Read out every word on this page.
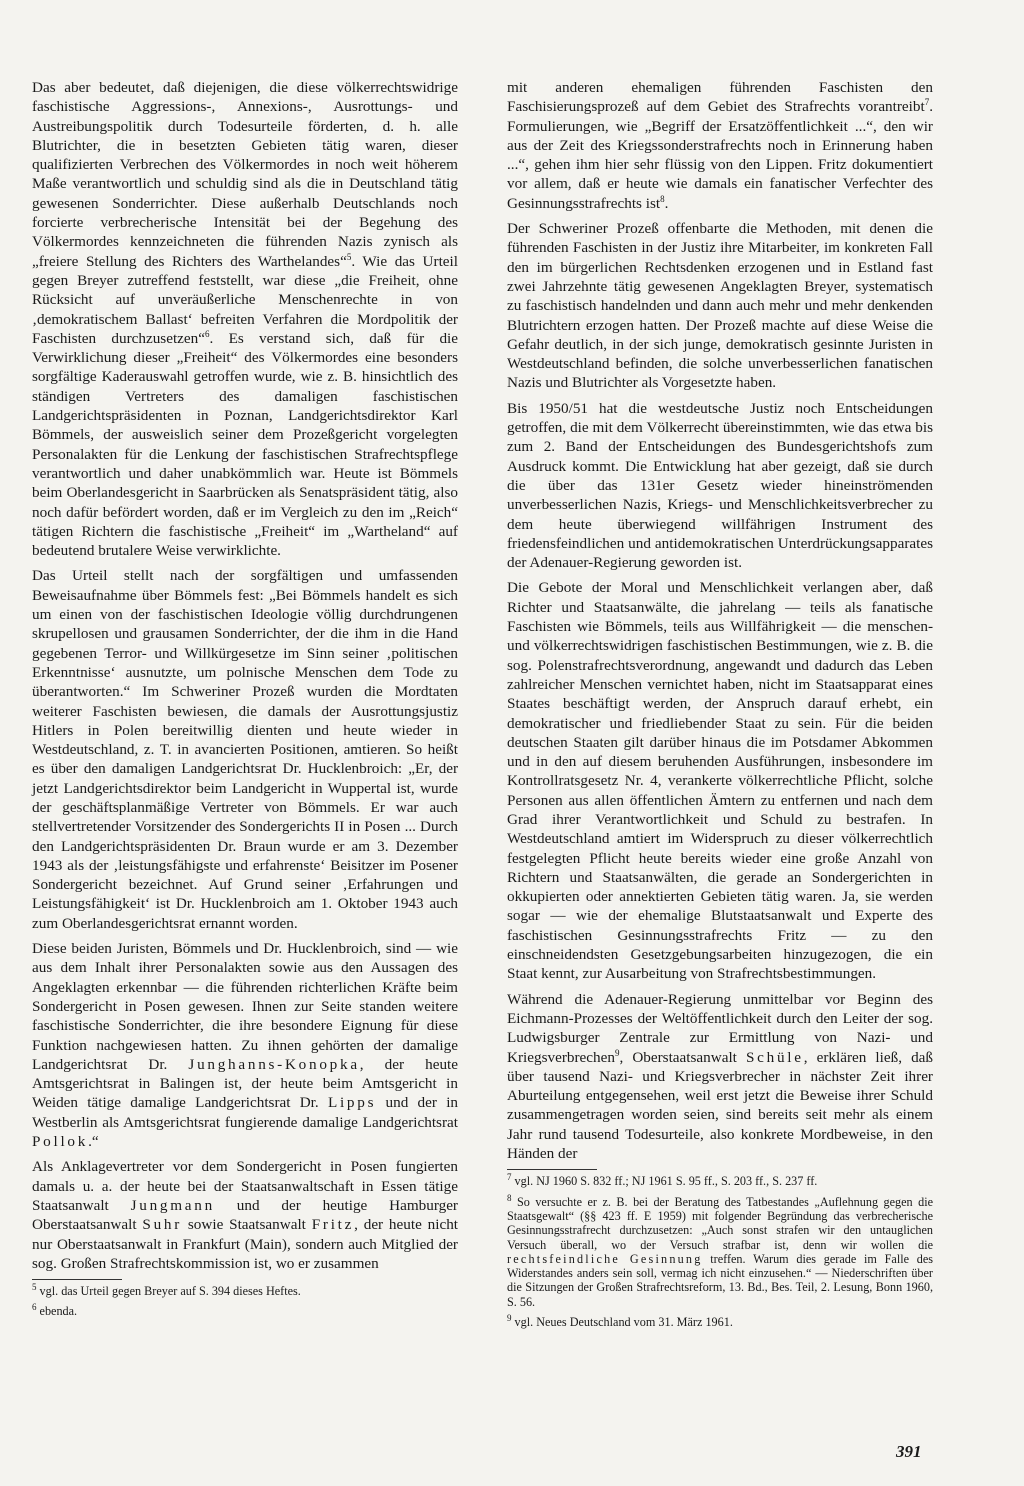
Das aber bedeutet, daß diejenigen, die diese völkerrechtswidrige faschistische Aggressions-, Annexions-, Ausrottungs- und Austreibungspolitik durch Todesurteile förderten, d. h. alle Blutrichter, die in besetzten Gebieten tätig waren, dieser qualifizierten Verbrechen des Völkermordes in noch weit höherem Maße verantwortlich und schuldig sind als die in Deutschland tätig gewesenen Sonderrichter. Diese außerhalb Deutschlands noch forcierte verbrecherische Intensität bei der Begehung des Völkermordes kennzeichneten die führenden Nazis zynisch als „freiere Stellung des Richters des Warthelandes“$^5$. Wie das Urteil gegen Breyer zutreffend feststellt, war diese „die Freiheit, ohne Rücksicht auf unveräußerliche Menschenrechte in von ‚demokratischem Ballast‘ befreiten Verfahren die Mordpolitik der Faschisten durchzusetzen“$^6$. Es verstand sich, daß für die Verwirklichung dieser „Freiheit“ des Völkermordes eine besonders sorgfältige Kaderauswahl getroffen wurde, wie z. B. hinsichtlich des ständigen Vertreters des damaligen faschistischen Landgerichtspräsidenten in Poznan, Landgerichtsdirektor Karl Bömmels, der ausweislich seiner dem Prozeßgericht vorgelegten Personalakten für die Lenkung der faschistischen Strafrechtspflege verantwortlich und daher unabkömmlich war. Heute ist Bömmels beim Oberlandesgericht in Saarbrücken als Senatspräsident tätig, also noch dafür befördert worden, daß er im Vergleich zu den im „Reich“ tätigen Richtern die faschistische „Freiheit“ im „Wartheland“ auf bedeutend brutalere Weise verwirklichte.

Das Urteil stellt nach der sorgfältigen und umfassenden Beweisaufnahme über Bömmels fest: „Bei Bömmels handelt es sich um einen von der faschistischen Ideologie völlig durchdrungenen skrupellosen und grausamen Sonderrichter, der die ihm in die Hand gegebenen Terror- und Willkürgesetze im Sinn seiner ‚politischen Erkenntnisse‘ ausnutzte, um polnische Menschen dem Tode zu überantworten.“ Im Schweriner Prozeß wurden die Mordtaten weiterer Faschisten bewiesen, die damals der Ausrottungsjustiz Hitlers in Polen bereitwillig dienten und heute wieder in Westdeutschland, z. T. in avancierten Positionen, amtieren. So heißt es über den damaligen Landgerichtsrat Dr. Hucklenbroich: „Er, der jetzt Landgerichtsdirektor beim Landgericht in Wuppertal ist, wurde der geschäftsplanmäßige Vertreter von Bömmels. Er war auch stellvertretender Vorsitzender des Sondergerichts II in Posen ... Durch den Landgerichtspräsidenten Dr. Braun wurde er am 3. Dezember 1943 als der ‚leistungsfähigste und erfahrenste‘ Beisitzer im Posener Sondergericht bezeichnet. Auf Grund seiner ‚Erfahrungen und Leistungsfähigkeit‘ ist Dr. Hucklenbroich am 1. Oktober 1943 auch zum Oberlandesgerichtsrat ernannt worden.

Diese beiden Juristen, Bömmels und Dr. Hucklenbroich, sind — wie aus dem Inhalt ihrer Personalakten sowie aus den Aussagen des Angeklagten erkennbar — die führenden richterlichen Kräfte beim Sondergericht in Posen gewesen. Ihnen zur Seite standen weitere faschistische Sonderrichter, die ihre besondere Eignung für diese Funktion nachgewiesen hatten. Zu ihnen gehörten der damalige Landgerichtsrat Dr. Junghanns-Konopka, der heute Amtsgerichtsrat in Balingen ist, der heute beim Amtsgericht in Weiden tätige damalige Landgerichtsrat Dr. Lipps und der in Westberlin als Amtsgerichtsrat fungierende damalige Landgerichtsrat Pollok.“

Als Anklagevertreter vor dem Sondergericht in Posen fungierten damals u. a. der heute bei der Staatsanwaltschaft in Essen tätige Staatsanwalt Jungmann und der heutige Hamburger Oberstaatsanwalt Suhr sowie Staatsanwalt Fritz, der heute nicht nur Oberstaatsanwalt in Frankfurt (Main), sondern auch Mitglied der sog. Großen Strafrechtskommission ist, wo er zusammen

$^5$ vgl. das Urteil gegen Breyer auf S. 394 dieses Heftes.

$^6$ ebenda.

mit anderen ehemaligen führenden Faschisten den Faschisierungsprozeß auf dem Gebiet des Strafrechts vorantreibt$^7$. Formulierungen, wie „Begriff der Ersatzöffentlichkeit ...“, den wir aus der Zeit des Kriegssonderstrafrechts noch in Erinnerung haben ...“, gehen ihm hier sehr flüssig von den Lippen. Fritz dokumentiert vor allem, daß er heute wie damals ein fanatischer Verfechter des Gesinnungsstrafrechts ist$^8$.

Der Schweriner Prozeß offenbarte die Methoden, mit denen die führenden Faschisten in der Justiz ihre Mitarbeiter, im konkreten Fall den im bürgerlichen Rechtsdenken erzogenen und in Estland fast zwei Jahrzehnte tätig gewesenen Angeklagten Breyer, systematisch zu faschistisch handelnden und dann auch mehr und mehr denkenden Blutrichtern erzogen hatten. Der Prozeß machte auf diese Weise die Gefahr deutlich, in der sich junge, demokratisch gesinnte Juristen in Westdeutschland befinden, die solche unverbesserlichen fanatischen Nazis und Blutrichter als Vorgesetzte haben.

Bis 1950/51 hat die westdeutsche Justiz noch Entscheidungen getroffen, die mit dem Völkerrecht übereinstimmten, wie das etwa bis zum 2. Band der Entscheidungen des Bundesgerichtshofs zum Ausdruck kommt. Die Entwicklung hat aber gezeigt, daß sie durch die über das 131er Gesetz wieder hineinströmenden unverbesserlichen Nazis, Kriegs- und Menschlichkeitsverbrecher zu dem heute überwiegend willfährigen Instrument des friedensfeindlichen und antidemokratischen Unterdrückungsapparates der Adenauer-Regierung geworden ist.

Die Gebote der Moral und Menschlichkeit verlangen aber, daß Richter und Staatsanwälte, die jahrelang — teils als fanatische Faschisten wie Bömmels, teils aus Willfährigkeit — die menschen- und völkerrechtswidrigen faschistischen Bestimmungen, wie z. B. die sog. Polenstrafrechtsverordnung, angewandt und dadurch das Leben zahlreicher Menschen vernichtet haben, nicht im Staatsapparat eines Staates beschäftigt werden, der Anspruch darauf erhebt, ein demokratischer und friedliebender Staat zu sein. Für die beiden deutschen Staaten gilt darüber hinaus die im Potsdamer Abkommen und in den auf diesem beruhenden Ausführungen, insbesondere im Kontrollratsgesetz Nr. 4, verankerte völkerrechtliche Pflicht, solche Personen aus allen öffentlichen Ämtern zu entfernen und nach dem Grad ihrer Verantwortlichkeit und Schuld zu bestrafen. In Westdeutschland amtiert im Widerspruch zu dieser völkerrechtlich festgelegten Pflicht heute bereits wieder eine große Anzahl von Richtern und Staatsanwälten, die gerade an Sondergerichten in okkupierten oder annektierten Gebieten tätig waren. Ja, sie werden sogar — wie der ehemalige Blutstaatsanwalt und Experte des faschistischen Gesinnungsstrafrechts Fritz — zu den einschneidendsten Gesetzgebungsarbeiten hinzugezogen, die ein Staat kennt, zur Ausarbeitung von Strafrechtsbestimmungen.

Während die Adenauer-Regierung unmittelbar vor Beginn des Eichmann-Prozesses der Weltöffentlichkeit durch den Leiter der sog. Ludwigsburger Zentrale zur Ermittlung von Nazi- und Kriegsverbrechen$^9$, Oberstaatsanwalt Schüle, erklären ließ, daß über tausend Nazi- und Kriegsverbrecher in nächster Zeit ihrer Aburteilung entgegensehen, weil erst jetzt die Beweise ihrer Schuld zusammengetragen worden seien, sind bereits seit mehr als einem Jahr rund tausend Todesurteile, also konkrete Mordbeweise, in den Händen der

$^7$ vgl. NJ 1960 S. 832 ff.; NJ 1961 S. 95 ff., S. 203 ff., S. 237 ff.

$^8$ So versuchte er z. B. bei der Beratung des Tatbestandes „Auflehnung gegen die Staatsgewalt“ (§§ 423 ff. E 1959) mit folgender Begründung das verbrecherische Gesinnungsstrafrecht durchzusetzen: „Auch sonst strafen wir den untauglichen Versuch überall, wo der Versuch strafbar ist, denn wir wollen die rechtsfeindliche Gesinnung treffen. Warum dies gerade im Falle des Widerstandes anders sein soll, vermag ich nicht einzusehen.“ — Niederschriften über die Sitzungen der Großen Strafrechtsreform, 13. Bd., Bes. Teil, 2. Lesung, Bonn 1960, S. 56.

$^9$ vgl. Neues Deutschland vom 31. März 1961.

391
